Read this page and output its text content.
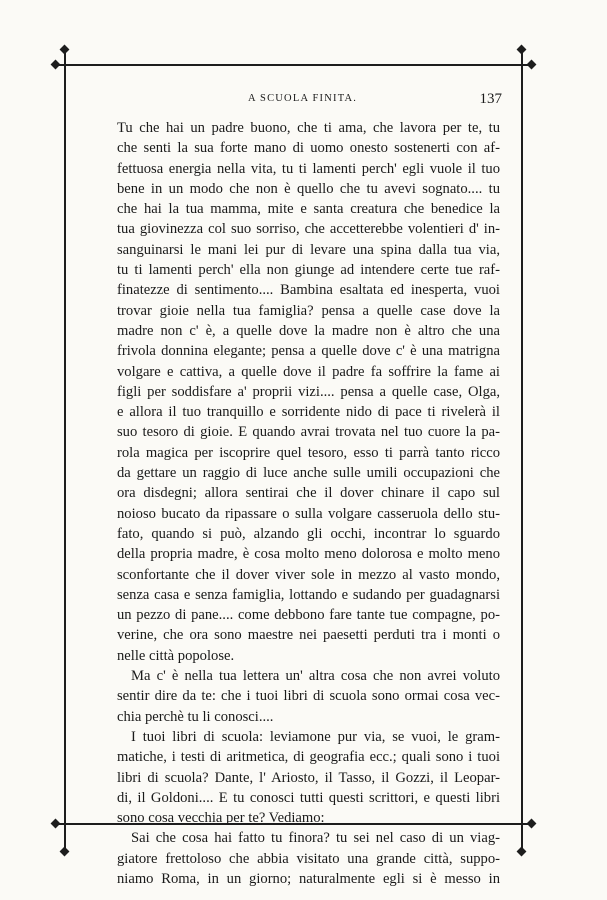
A SCUOLA FINITA.	137

Tu che hai un padre buono, che ti ama, che lavora per te, tu
che senti la sua forte mano di uomo onesto sostenerti con af-
fettuosa energia nella vita, tu ti lamenti perch' egli vuole il tuo
bene in un modo che non è quello che tu avevi sognato.... tu
che hai la tua mamma, mite e santa creatura che benedice la
tua giovinezza col suo sorriso, che accetterebbe volentieri d' in-
sanguinarsi le mani lei pur di levare una spina dalla tua via,
tu ti lamenti perch' ella non giunge ad intendere certe tue raf-
finatezze di sentimento.... Bambina esaltata ed inesperta, vuoi
trovar gioie nella tua famiglia? pensa a quelle case dove la
madre non c' è, a quelle dove la madre non è altro che una
frivola donnina elegante; pensa a quelle dove c' è una matrigna
volgare e cattiva, a quelle dove il padre fa soffrire la fame ai
figli per soddisfare a' proprii vizi.... pensa a quelle case, Olga,
e allora il tuo tranquillo e sorridente nido di pace ti rivelerà il
suo tesoro di gioie. E quando avrai trovata nel tuo cuore la pa-
rola magica per iscoprire quel tesoro, esso ti parrà tanto ricco
da gettare un raggio di luce anche sulle umili occupazioni che
ora disdegni; allora sentirai che il dover chinare il capo sul
noioso bucato da ripassare o sulla volgare casseruola dello stu-
fato, quando si può, alzando gli occhi, incontrar lo sguardo
della propria madre, è cosa molto meno dolorosa e molto meno
sconfortante che il dover viver sole in mezzo al vasto mondo,
senza casa e senza famiglia, lottando e sudando per guadagnarsi
un pezzo di pane.... come debbono fare tante tue compagne, po-
verine, che ora sono maestre nei paesetti perduti tra i monti o
nelle città popolose.

Ma c' è nella tua lettera un' altra cosa che non avrei voluto
sentir dire da te: che i tuoi libri di scuola sono ormai cosa vec-
chia perchè tu li conosci....

I tuoi libri di scuola: leviamone pur via, se vuoi, le gram-
matiche, i testi di aritmetica, di geografia ecc.; quali sono i tuoi
libri di scuola? Dante, l' Ariosto, il Tasso, il Gozzi, il Leopar-
di, il Goldoni.... E tu conosci tutti questi scrittori, e questi libri
sono cosa vecchia per te? Vediamo:

Sai che cosa hai fatto tu finora? tu sei nel caso di un viag-
giatore frettoloso che abbia visitato una grande città, suppo-
niamo Roma, in un giorno; naturalmente egli si è messo in
